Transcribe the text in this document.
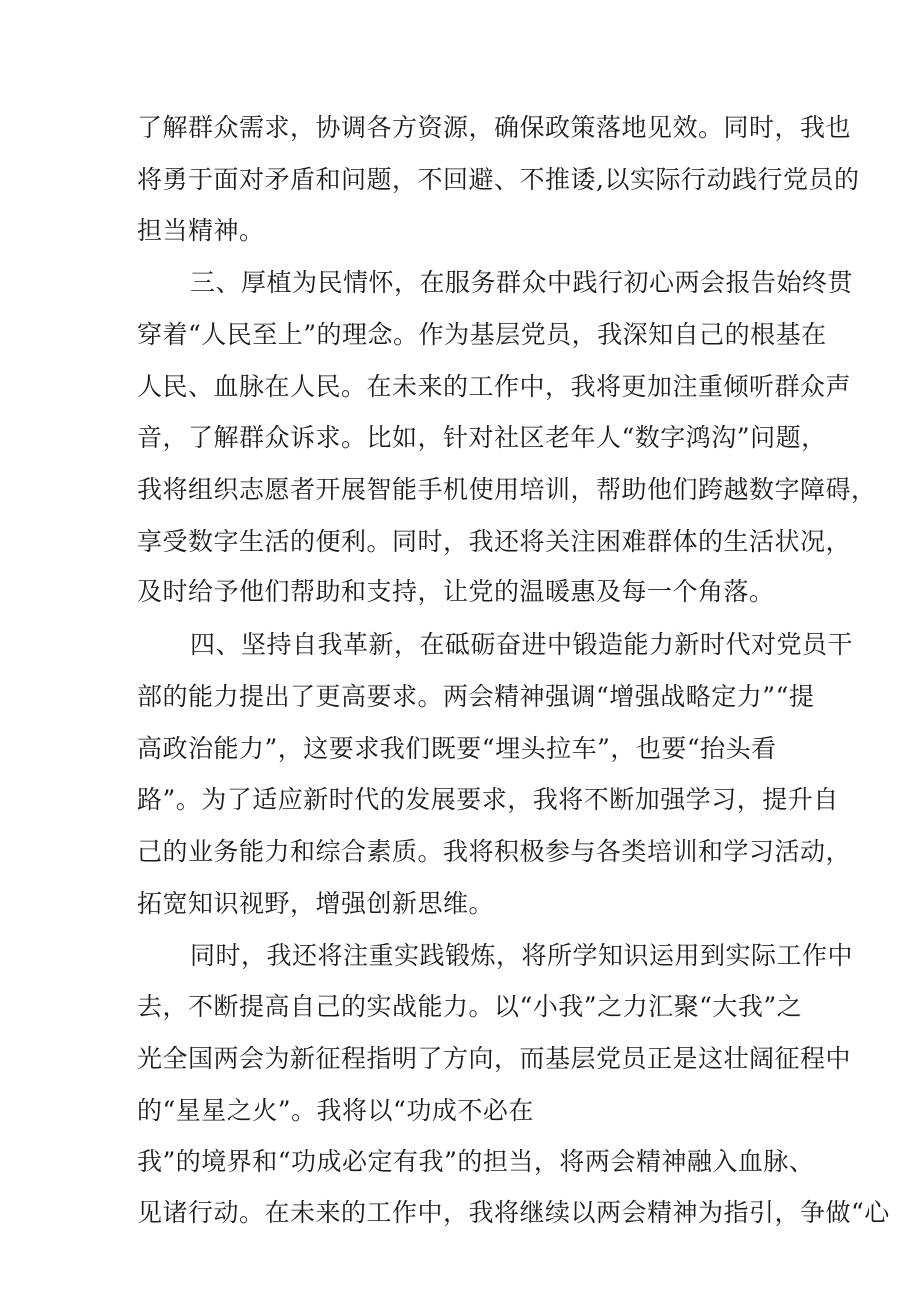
了解群众需求，协调各方资源，确保政策落地见效。同时，我也
将勇于面对矛盾和问题，不回避、不推诿,以实际行动践行党员的
担当精神。
三、厚植为民情怀，在服务群众中践行初心两会报告始终贯
穿着“人民至上”的理念。作为基层党员，我深知自己的根基在
人民、血脉在人民。在未来的工作中，我将更加注重倾听群众声
音，了解群众诉求。比如，针对社区老年人“数字鸿沟”问题，
我将组织志愿者开展智能手机使用培训，帮助他们跨越数字障碍，
享受数字生活的便利。同时，我还将关注困难群体的生活状况，
及时给予他们帮助和支持，让党的温暖惠及每一个角落。
四、坚持自我革新，在砥砺奋进中锻造能力新时代对党员干
部的能力提出了更高要求。两会精神强调“增强战略定力”“提
高政治能力”，这要求我们既要“埋头拉车”，也要“抬头看
路”。为了适应新时代的发展要求，我将不断加强学习，提升自
己的业务能力和综合素质。我将积极参与各类培训和学习活动，
拓宽知识视野，增强创新思维。
同时，我还将注重实践锻炼，将所学知识运用到实际工作中
去，不断提高自己的实战能力。以“小我”之力汇聚“大我”之
光全国两会为新征程指明了方向，而基层党员正是这壮阔征程中
的“星星之火”。我将以“功成不必在
我”的境界和“功成必定有我”的担当，将两会精神融入血脉、
见诸行动。在未来的工作中，我将继续以两会精神为指引，争做“心
